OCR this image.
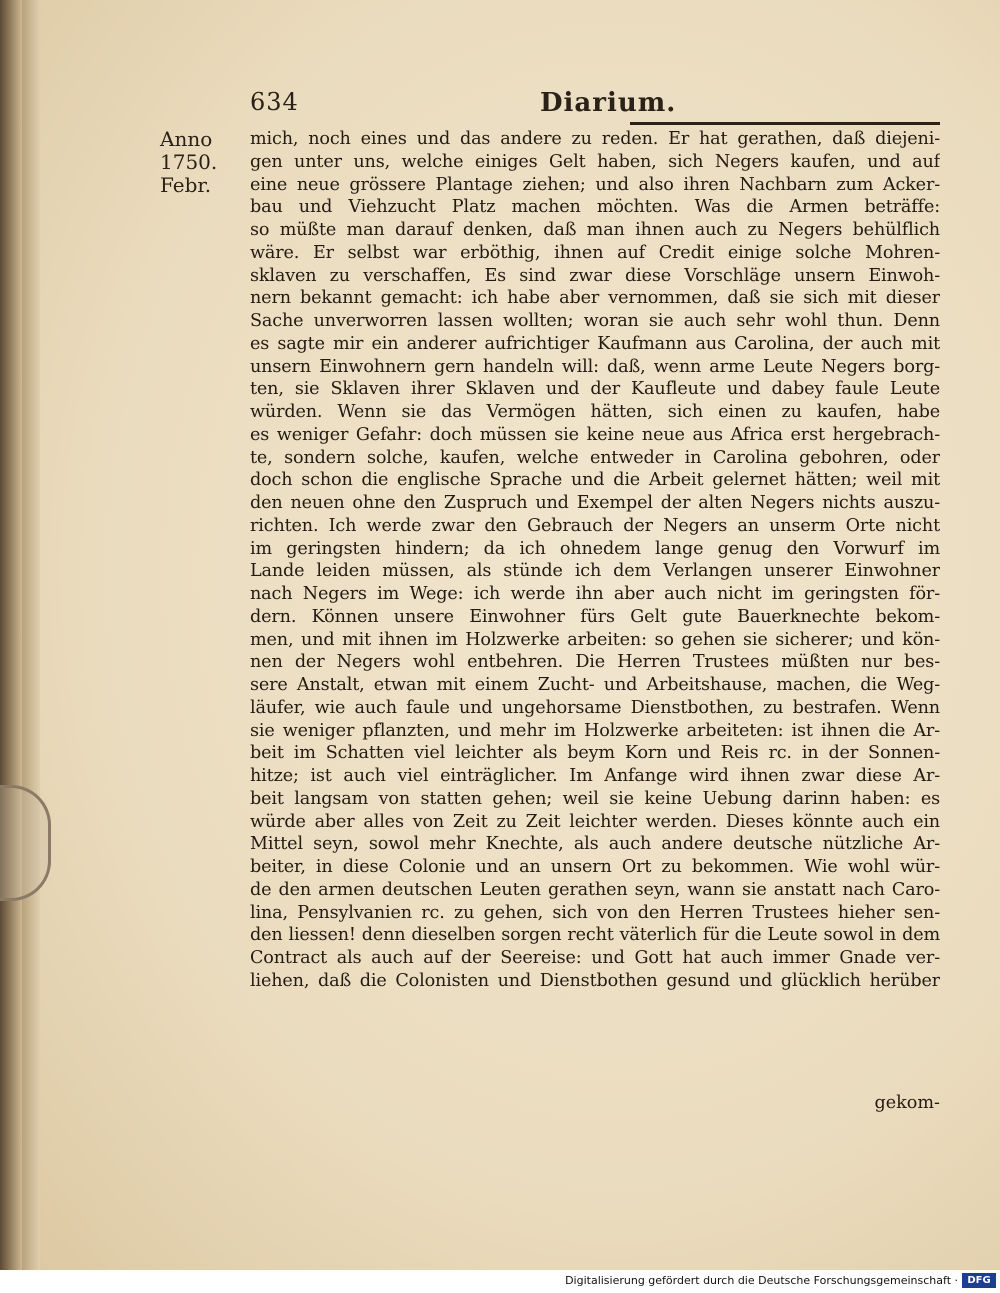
634	Diarium.
Anno
1750.
Febr.
mich, noch eines und das andere zu reden. Er hat gerathen, daß diejeni-
gen unter uns, welche einiges Gelt haben, sich Negers kaufen, und auf
eine neue grössere Plantage ziehen; und also ihren Nachbarn zum Acker-
bau und Viehzucht Platz machen möchten. Was die Armen beträffe:
so müßte man darauf denken, daß man ihnen auch zu Negers behülflich
wäre. Er selbst war erböthig, ihnen auf Credit einige solche Mohren-
sklaven zu verschaffen, Es sind zwar diese Vorschläge unsern Einwoh-
nern bekannt gemacht: ich habe aber vernommen, daß sie sich mit dieser
Sache unverworren lassen wollten; woran sie auch sehr wohl thun. Denn
es sagte mir ein anderer aufrichtiger Kaufmann aus Carolina, der auch mit
unsern Einwohnern gern handeln will: daß, wenn arme Leute Negers borg-
ten, sie Sklaven ihrer Sklaven und der Kaufleute und dabey faule Leute
würden. Wenn sie das Vermögen hätten, sich einen zu kaufen, habe
es weniger Gefahr: doch müssen sie keine neue aus Africa erst hergebrach-
te, sondern solche, kaufen, welche entweder in Carolina gebohren, oder
doch schon die englische Sprache und die Arbeit gelernet hätten; weil mit
den neuen ohne den Zuspruch und Exempel der alten Negers nichts auszu-
richten. Ich werde zwar den Gebrauch der Negers an unserm Orte nicht
im geringsten hindern; da ich ohnedem lange genug den Vorwurf im
Lande leiden müssen, als stünde ich dem Verlangen unserer Einwohner
nach Negers im Wege: ich werde ihn aber auch nicht im geringsten för-
dern. Können unsere Einwohner fürs Gelt gute Bauerknechte bekom-
men, und mit ihnen im Holzwerke arbeiten: so gehen sie sicherer; und kön-
nen der Negers wohl entbehren. Die Herren Trustees müßten nur bes-
sere Anstalt, etwan mit einem Zucht- und Arbeitshause, machen, die Weg-
läufer, wie auch faule und ungehorsame Dienstbothen, zu bestrafen. Wenn
sie weniger pflanzten, und mehr im Holzwerke arbeiteten: ist ihnen die Ar-
beit im Schatten viel leichter als beym Korn und Reis rc. in der Sonnen-
hitze; ist auch viel einträglicher. Im Anfange wird ihnen zwar diese Ar-
beit langsam von statten gehen; weil sie keine Uebung darinn haben: es
würde aber alles von Zeit zu Zeit leichter werden. Dieses könnte auch ein
Mittel seyn, sowol mehr Knechte, als auch andere deutsche nützliche Ar-
beiter, in diese Colonie und an unsern Ort zu bekommen. Wie wohl wür-
de den armen deutschen Leuten gerathen seyn, wann sie anstatt nach Caro-
lina, Pensylvanien rc. zu gehen, sich von den Herren Trustees hieher sen-
den liessen! denn dieselben sorgen recht väterlich für die Leute sowol in dem
Contract als auch auf der Seereise: und Gott hat auch immer Gnade ver-
liehen, daß die Colonisten und Dienstbothen gesund und glücklich herüber
gekom-
Digitalisierung gefördert durch die Deutsche Forschungsgemeinschaft · DFG
